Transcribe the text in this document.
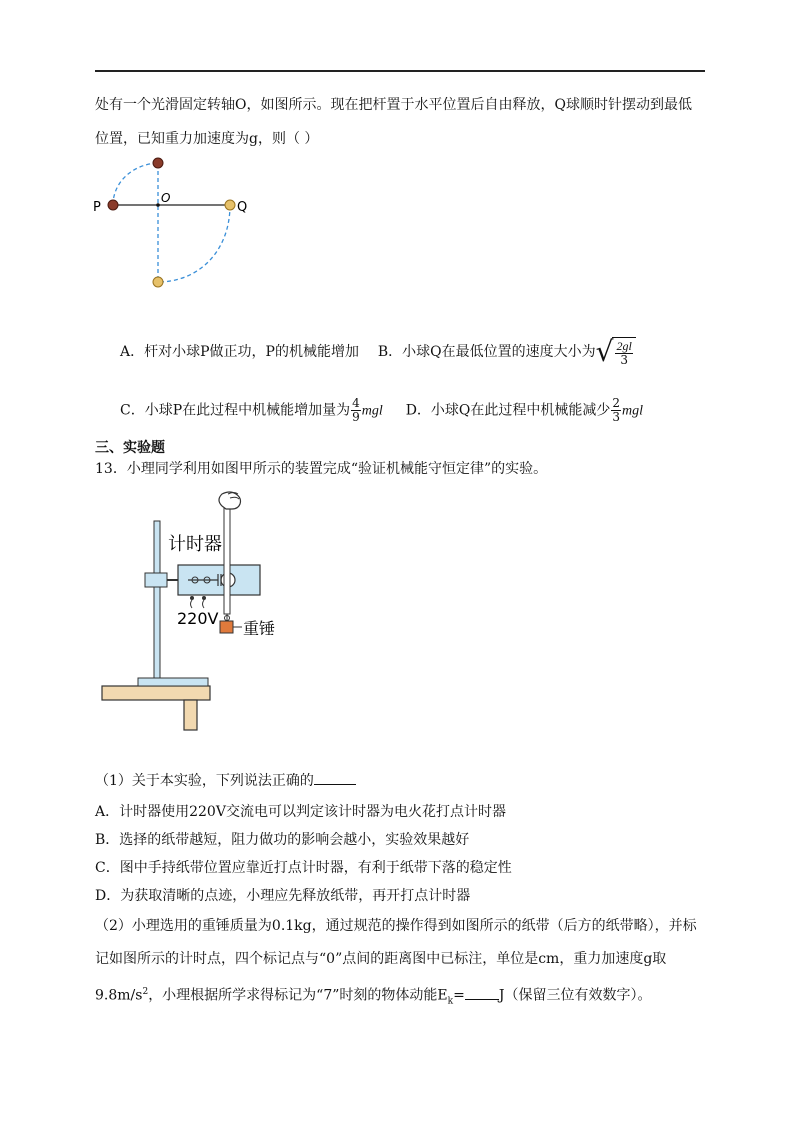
处有一个光滑固定转轴O，如图所示。现在把杆置于水平位置后自由释放，Q球顺时针摆动到最低
位置，已知重力加速度为g，则（ ）
P
O
Q
A．杆对小球P做正功，P的机械能增加 B．小球Q在最低位置的速度大小为 √ $\frac{2gl}{3}$
C．小球P在此过程中机械能增加量为 $\frac{4}{9}$ mgl D．小球Q在此过程中机械能减少 $\frac{2}{3}$ mgl
三、实验题
13．小理同学利用如图甲所示的装置完成“验证机械能守恒定律”的实验。
计时器
220V
重锤
（1）关于本实验，下列说法正确的
A．计时器使用220V交流电可以判定该计时器为电火花打点计时器
B．选择的纸带越短，阻力做功的影响会越小，实验效果越好
C．图中手持纸带位置应靠近打点计时器，有利于纸带下落的稳定性
D．为获取清晰的点迹，小理应先释放纸带，再开打点计时器
（2）小理选用的重锤质量为0.1kg，通过规范的操作得到如图所示的纸带（后方的纸带略），并标
记如图所示的计时点，四个标记点与“0”点间的距离图中已标注，单位是cm，重力加速度g取
$9.8m/s^2$，小理根据所学求得标记为“7”时刻的物体动能$E_k= J$（保留三位有效数字）。
